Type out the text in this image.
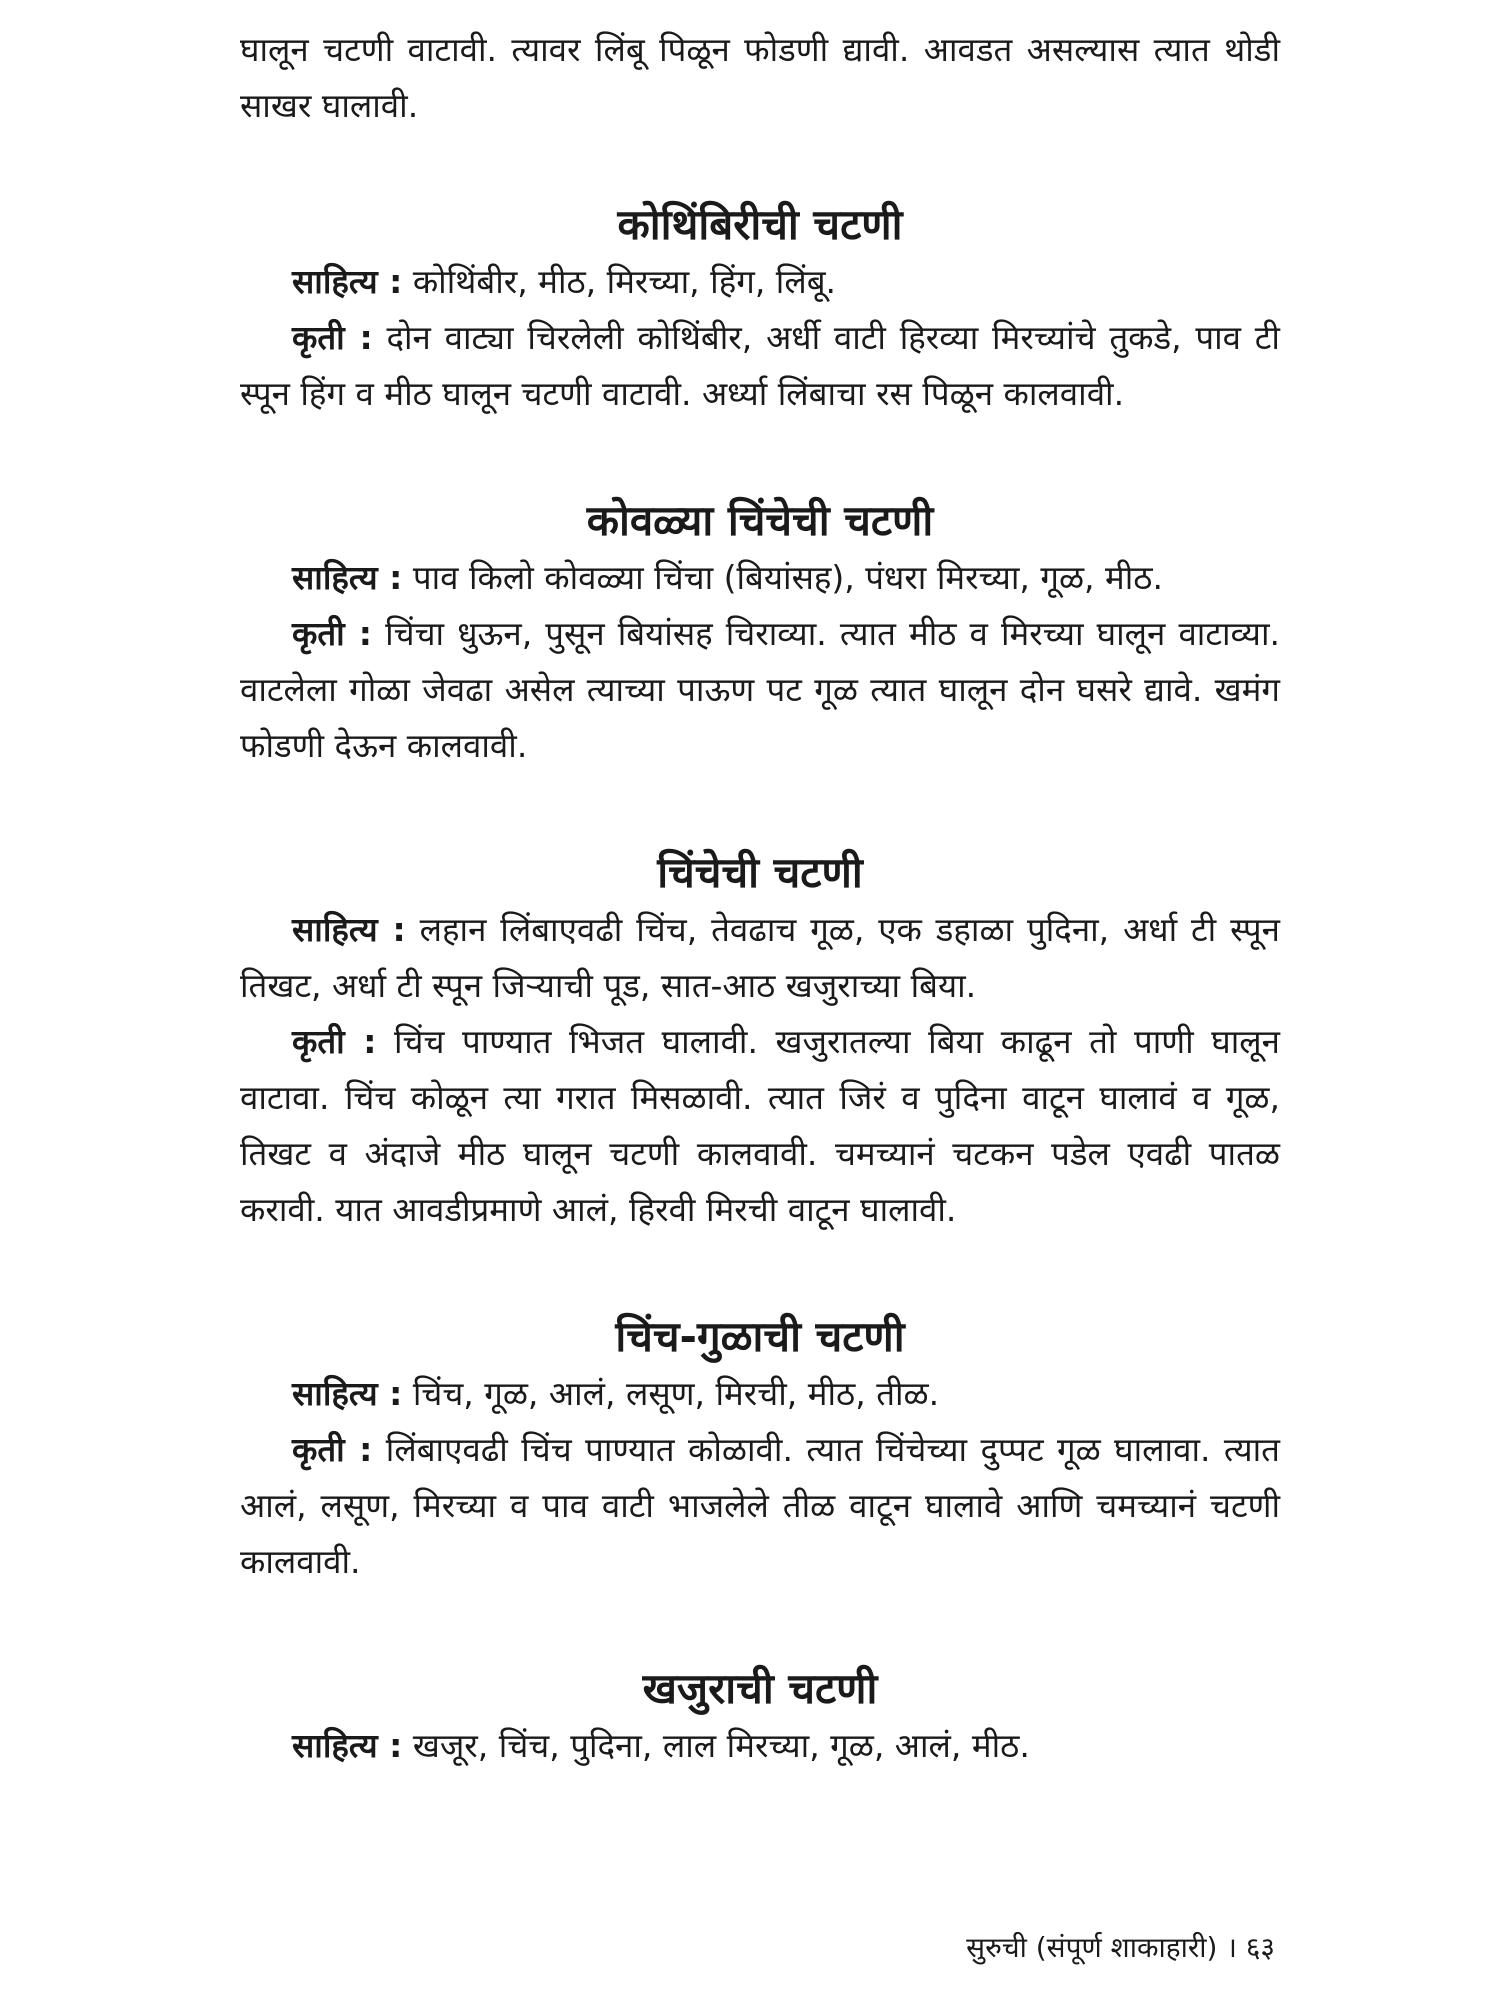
घालून चटणी वाटावी. त्यावर लिंबू पिळून फोडणी द्यावी. आवडत असल्यास त्यात थोडी साखर घालावी.

कोथिंबिरीची चटणी

साहित्य : कोथिंबीर, मीठ, मिरच्या, हिंग, लिंबू.

कृती : दोन वाट्या चिरलेली कोथिंबीर, अर्धी वाटी हिरव्या मिरच्यांचे तुकडे, पाव टी स्पून हिंग व मीठ घालून चटणी वाटावी. अर्ध्या लिंबाचा रस पिळून कालवावी.

कोवळ्या चिंचेची चटणी

साहित्य : पाव किलो कोवळ्या चिंचा (बियांसह), पंधरा मिरच्या, गूळ, मीठ.

कृती : चिंचा धुऊन, पुसून बियांसह चिराव्या. त्यात मीठ व मिरच्या घालून वाटाव्या. वाटलेला गोळा जेवढा असेल त्याच्या पाऊण पट गूळ त्यात घालून दोन घसरे द्यावे. खमंग फोडणी देऊन कालवावी.

चिंचेची चटणी

साहित्य : लहान लिंबाएवढी चिंच, तेवढाच गूळ, एक डहाळा पुदिना, अर्धा टी स्पून तिखट, अर्धा टी स्पून जिऱ्याची पूड, सात-आठ खजुराच्या बिया.

कृती : चिंच पाण्यात भिजत घालावी. खजुरातल्या बिया काढून तो पाणी घालून वाटावा. चिंच कोळून त्या गरात मिसळावी. त्यात जिरं व पुदिना वाटून घालावं व गूळ, तिखट व अंदाजे मीठ घालून चटणी कालवावी. चमच्यानं चटकन पडेल एवढी पातळ करावी. यात आवडीप्रमाणे आलं, हिरवी मिरची वाटून घालावी.

चिंच-गुळाची चटणी

साहित्य : चिंच, गूळ, आलं, लसूण, मिरची, मीठ, तीळ.

कृती : लिंबाएवढी चिंच पाण्यात कोळावी. त्यात चिंचेच्या दुप्पट गूळ घालावा. त्यात आलं, लसूण, मिरच्या व पाव वाटी भाजलेले तीळ वाटून घालावे आणि चमच्यानं चटणी कालवावी.

खजुराची चटणी

साहित्य : खजूर, चिंच, पुदिना, लाल मिरच्या, गूळ, आलं, मीठ.

सुरुची (संपूर्ण शाकाहारी) । ६३
